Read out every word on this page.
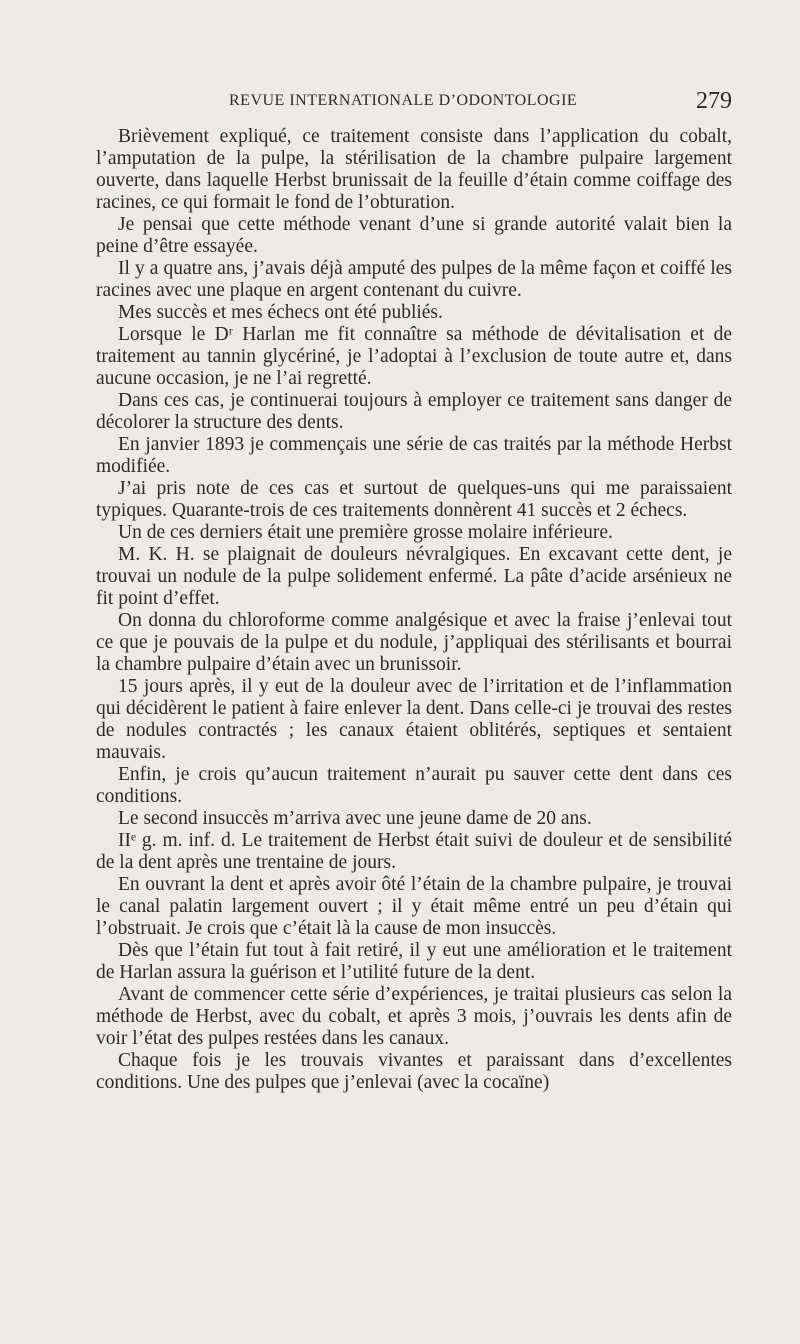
REVUE INTERNATIONALE D’ODONTOLOGIE	279

Brièvement expliqué, ce traitement consiste dans l’application du cobalt, l’amputation de la pulpe, la stérilisation de la chambre pulpaire largement ouverte, dans laquelle Herbst brunissait de la feuille d’étain comme coiffage des racines, ce qui formait le fond de l’obturation.

Je pensai que cette méthode venant d’une si grande autorité valait bien la peine d’être essayée.

Il y a quatre ans, j’avais déjà amputé des pulpes de la même façon et coiffé les racines avec une plaque en argent contenant du cuivre.

Mes succès et mes échecs ont été publiés.

Lorsque le Dʳ Harlan me fit connaître sa méthode de dévitalisation et de traitement au tannin glycériné, je l’adoptai à l’exclusion de toute autre et, dans aucune occasion, je ne l’ai regretté.

Dans ces cas, je continuerai toujours à employer ce traitement sans danger de décolorer la structure des dents.

En janvier 1893 je commençais une série de cas traités par la méthode Herbst modifiée.

J’ai pris note de ces cas et surtout de quelques-uns qui me paraissaient typiques. Quarante-trois de ces traitements donnèrent 41 succès et 2 échecs.

Un de ces derniers était une première grosse molaire inférieure.

M. K. H. se plaignait de douleurs névralgiques. En excavant cette dent, je trouvai un nodule de la pulpe solidement enfermé. La pâte d’acide arsénieux ne fit point d’effet.

On donna du chloroforme comme analgésique et avec la fraise j’enlevai tout ce que je pouvais de la pulpe et du nodule, j’appliquai des stérilisants et bourrai la chambre pulpaire d’étain avec un brunissoir.

15 jours après, il y eut de la douleur avec de l’irritation et de l’inflammation qui décidèrent le patient à faire enlever la dent. Dans celle-ci je trouvai des restes de nodules contractés ; les canaux étaient oblitérés, septiques et sentaient mauvais.

Enfin, je crois qu’aucun traitement n’aurait pu sauver cette dent dans ces conditions.

Le second insuccès m’arriva avec une jeune dame de 20 ans.

IIᵉ g. m. inf. d. Le traitement de Herbst était suivi de douleur et de sensibilité de la dent après une trentaine de jours.

En ouvrant la dent et après avoir ôté l’étain de la chambre pulpaire, je trouvai le canal palatin largement ouvert ; il y était même entré un peu d’étain qui l’obstruait. Je crois que c’était là la cause de mon insuccès.

Dès que l’étain fut tout à fait retiré, il y eut une amélioration et le traitement de Harlan assura la guérison et l’utilité future de la dent.

Avant de commencer cette série d’expériences, je traitai plusieurs cas selon la méthode de Herbst, avec du cobalt, et après 3 mois, j’ouvrais les dents afin de voir l’état des pulpes restées dans les canaux.

Chaque fois je les trouvais vivantes et paraissant dans d’excellentes conditions. Une des pulpes que j’enlevai (avec la cocaïne)
